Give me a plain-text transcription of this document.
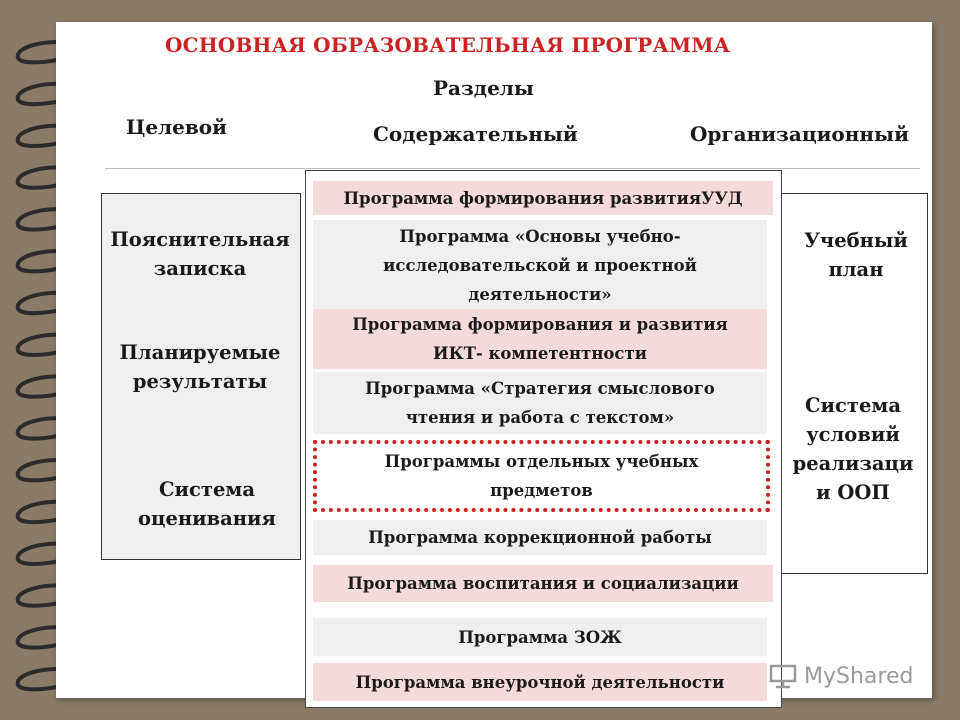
ОСНОВНАЯ ОБРАЗОВАТЕЛЬНАЯ ПРОГРАММА
Разделы
Целевой	Содержательный	Организационный
Пояснительная
записка
Планируемые
результаты
Система
оценивания
Учебный
план
Система
условий
реализаци
и ООП
Программа формирования развитияУУД
Программа «Основы учебно-
исследовательской и проектной
деятельности»
Программа формирования и развития
ИКТ- компетентности
Программа «Стратегия смыслового
чтения и работа с текстом»
Программы отдельных учебных
предметов
Программа коррекционной работы
Программа воспитания и социализации
Программа ЗОЖ
Программа внеурочной деятельности	MyShared
